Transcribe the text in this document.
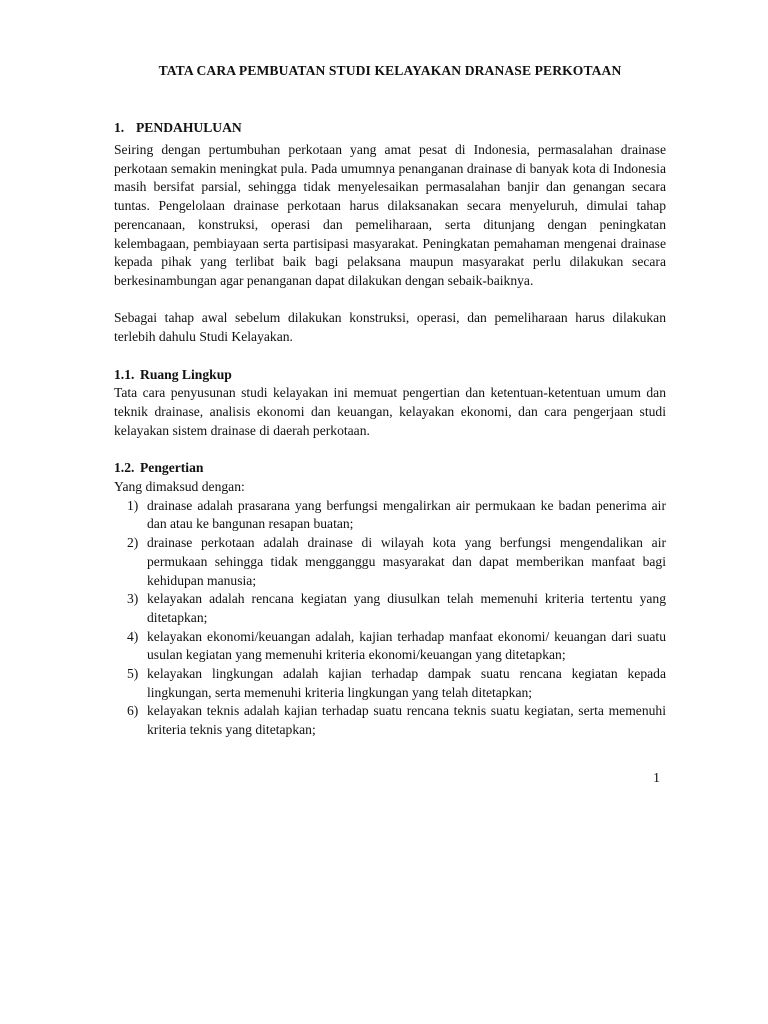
TATA CARA PEMBUATAN STUDI KELAYAKAN DRANASE PERKOTAAN
1. PENDAHULUAN

Seiring dengan pertumbuhan perkotaan yang amat pesat di Indonesia, permasalahan drainase perkotaan semakin meningkat pula. Pada umumnya penanganan drainase di banyak kota di Indonesia masih bersifat parsial, sehingga tidak menyelesaikan permasalahan banjir dan genangan secara tuntas. Pengelolaan drainase perkotaan harus dilaksanakan secara menyeluruh, dimulai tahap perencanaan, konstruksi, operasi dan pemeliharaan, serta ditunjang dengan peningkatan kelembagaan, pembiayaan serta partisipasi masyarakat. Peningkatan pemahaman mengenai drainase kepada pihak yang terlibat baik bagi pelaksana maupun masyarakat perlu dilakukan secara berkesinambungan agar penanganan dapat dilakukan dengan sebaik-baiknya.

Sebagai tahap awal sebelum dilakukan konstruksi, operasi, dan pemeliharaan harus dilakukan terlebih dahulu Studi Kelayakan.

1.1. Ruang Lingkup

Tata cara penyusunan studi kelayakan ini memuat pengertian dan ketentuan-ketentuan umum dan teknik drainase, analisis ekonomi dan keuangan, kelayakan ekonomi, dan cara pengerjaan studi kelayakan sistem drainase di daerah perkotaan.

1.2. Pengertian

Yang dimaksud dengan:

1) drainase adalah prasarana yang berfungsi mengalirkan air permukaan ke badan penerima air dan atau ke bangunan resapan buatan;
2) drainase perkotaan adalah drainase di wilayah kota yang berfungsi mengendalikan air permukaan sehingga tidak mengganggu masyarakat dan dapat memberikan manfaat bagi kehidupan manusia;
3) kelayakan adalah rencana kegiatan yang diusulkan telah memenuhi kriteria tertentu yang ditetapkan;
4) kelayakan ekonomi/keuangan adalah, kajian terhadap manfaat ekonomi/ keuangan dari suatu usulan kegiatan yang memenuhi kriteria ekonomi/keuangan yang ditetapkan;
5) kelayakan lingkungan adalah kajian terhadap dampak suatu rencana kegiatan kepada lingkungan, serta memenuhi kriteria lingkungan yang telah ditetapkan;
6) kelayakan teknis adalah kajian terhadap suatu rencana teknis suatu kegiatan, serta memenuhi kriteria teknis yang ditetapkan;
1
